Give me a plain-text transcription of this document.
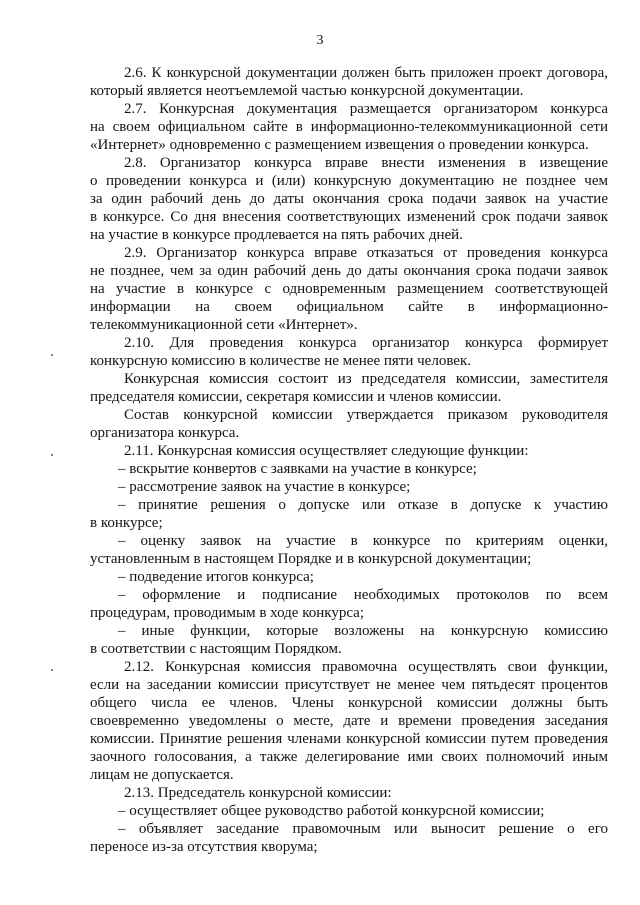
3
2.6. К конкурсной документации должен быть приложен проект договора,
который является неотъемлемой частью конкурсной документации.
2.7. Конкурсная документация размещается организатором конкурса
на своем официальном сайте в информационно-телекоммуникационной сети
«Интернет» одновременно с размещением извещения о проведении конкурса.
2.8. Организатор конкурса вправе внести изменения в извещение
о проведении конкурса и (или) конкурсную документацию не позднее чем
за один рабочий день до даты окончания срока подачи заявок на участие
в конкурсе. Со дня внесения соответствующих изменений срок подачи заявок
на участие в конкурсе продлевается на пять рабочих дней.
2.9. Организатор конкурса вправе отказаться от проведения конкурса
не позднее, чем за один рабочий день до даты окончания срока подачи заявок
на участие в конкурсе с одновременным размещением соответствующей
информации на своем официальном сайте в информационно-
телекоммуникационной сети «Интернет».
2.10. Для проведения конкурса организатор конкурса формирует
конкурсную комиссию в количестве не менее пяти человек.
Конкурсная комиссия состоит из председателя комиссии, заместителя
председателя комиссии, секретаря комиссии и членов комиссии.
Состав конкурсной комиссии утверждается приказом руководителя
организатора конкурса.
2.11. Конкурсная комиссия осуществляет следующие функции:
– вскрытие конвертов с заявками на участие в конкурсе;
– рассмотрение заявок на участие в конкурсе;
– принятие решения о допуске или отказе в допуске к участию
в конкурсе;
– оценку заявок на участие в конкурсе по критериям оценки,
установленным в настоящем Порядке и в конкурсной документации;
– подведение итогов конкурса;
– оформление и подписание необходимых протоколов по всем
процедурам, проводимым в ходе конкурса;
– иные функции, которые возложены на конкурсную комиссию
в соответствии с настоящим Порядком.
2.12. Конкурсная комиссия правомочна осуществлять свои функции,
если на заседании комиссии присутствует не менее чем пятьдесят процентов
общего числа ее членов. Члены конкурсной комиссии должны быть
своевременно уведомлены о месте, дате и времени проведения заседания
комиссии. Принятие решения членами конкурсной комиссии путем проведения
заочного голосования, а также делегирование ими своих полномочий иным
лицам не допускается.
2.13. Председатель конкурсной комиссии:
– осуществляет общее руководство работой конкурсной комиссии;
– объявляет заседание правомочным или выносит решение о его
переносе из-за отсутствия кворума;
